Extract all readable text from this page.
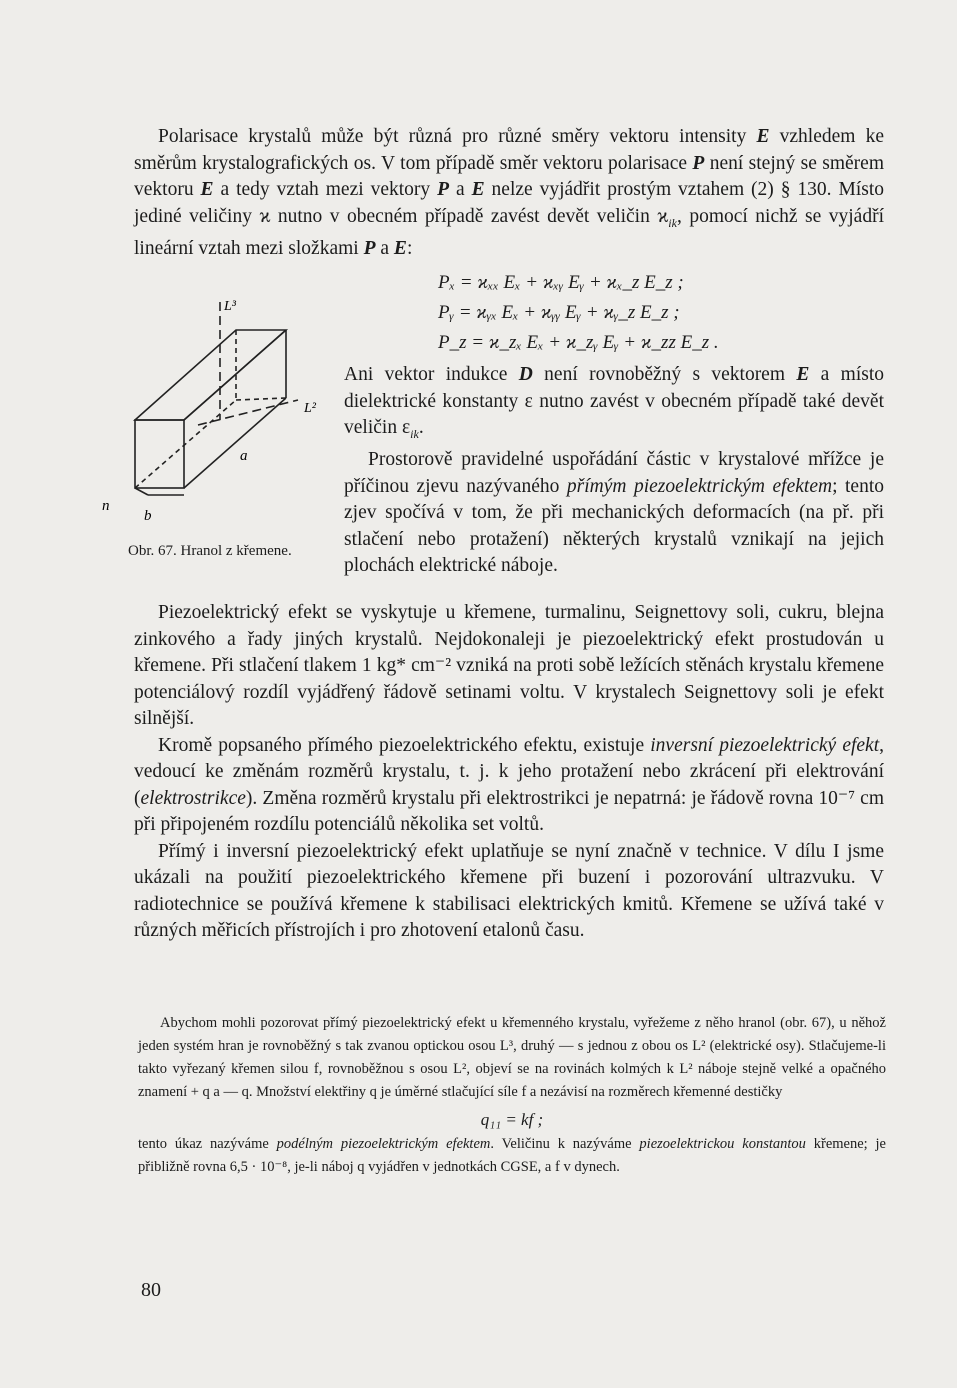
Polarisace krystalů může být různá pro různé směry vektoru intensity E vzhledem ke směrům krystalografických os. V tom případě směr vektoru polarisace P není stejný se směrem vektoru E a tedy vztah mezi vektory P a E nelze vyjádřit prostým vztahem (2) § 130. Místo jediné veličiny ϰ nutno v obecném případě zavést devět veličin $ϰ_{ik}$, pomocí nichž se vyjádří lineární vztah mezi složkami P a E:

Pₓ = ϰₓₓ Eₓ + ϰₓᵧ Eᵧ + ϰₓ_z E_z ;
Pᵧ = ϰᵧₓ Eₓ + ϰᵧᵧ Eᵧ + ϰᵧ_z E_z ;
P_z = ϰ_zₓ Eₓ + ϰ_zᵧ Eᵧ + ϰ_zz E_z .
L³
L²
a
b
n
Obr. 67. Hranol z křemene.

Ani vektor indukce D není rovnoběžný s vektorem E a místo dielektrické konstanty ε nutno zavést v obecném případě také devět veličin $\varepsilon_{ik}$.

Prostorově pravidelné uspořádání částic v krystalové mřížce je příčinou zjevu nazývaného přímým piezoelektrickým efektem; tento zjev spočívá v tom, že při mechanických deformacích (na př. při stlačení nebo protažení) některých krystalů vznikají na jejich plochách elektrické náboje.

Piezoelektrický efekt se vyskytuje u křemene, turmalinu, Seignettovy soli, cukru, blejna zinkového a řady jiných krystalů. Nejdokonaleji je piezoelektrický efekt prostudován u křemene. Při stlačení tlakem 1 kg* cm⁻² vzniká na proti sobě ležících stěnách krystalu křemene potenciálový rozdíl vyjádřený řádově setinami voltu. V krystalech Seignettovy soli je efekt silnější.

Kromě popsaného přímého piezoelektrického efektu, existuje inversní piezoelektrický efekt, vedoucí ke změnám rozměrů krystalu, t. j. k jeho protažení nebo zkrácení při elektrování (elektrostrikce). Změna rozměrů krystalu při elektrostrikci je nepatrná: je řádově rovna 10⁻⁷ cm při připojeném rozdílu potenciálů několika set voltů.

Přímý i inversní piezoelektrický efekt uplatňuje se nyní značně v technice. V dílu I jsme ukázali na použití piezoelektrického křemene při buzení i pozorování ultrazvuku. V radiotechnice se používá křemene k stabilisaci elektrických kmitů. Křemene se užívá také v různých měřicích přístrojích i pro zhotovení etalonů času.

Abychom mohli pozorovat přímý piezoelektrický efekt u křemenného krystalu, vyřežeme z něho hranol (obr. 67), u něhož jeden systém hran je rovnoběžný s tak zvanou optickou osou L³, druhý — s jednou z obou os L² (elektrické osy). Stlačujeme-li takto vyřezaný křemen silou f, rovnoběžnou s osou L², objeví se na rovinách kolmých k L² náboje stejně velké a opačného znamení + q a — q. Množství elektřiny q je úměrné stlačující síle f a nezávisí na rozměrech křemenné destičky

q₁₁ = kf ;

tento úkaz nazýváme podélným piezoelektrickým efektem. Veličinu k nazýváme piezoelektrickou konstantou křemene; je přibližně rovna 6,5 · 10⁻⁸, je-li náboj q vyjádřen v jednotkách CGSE, a f v dynech.

80
